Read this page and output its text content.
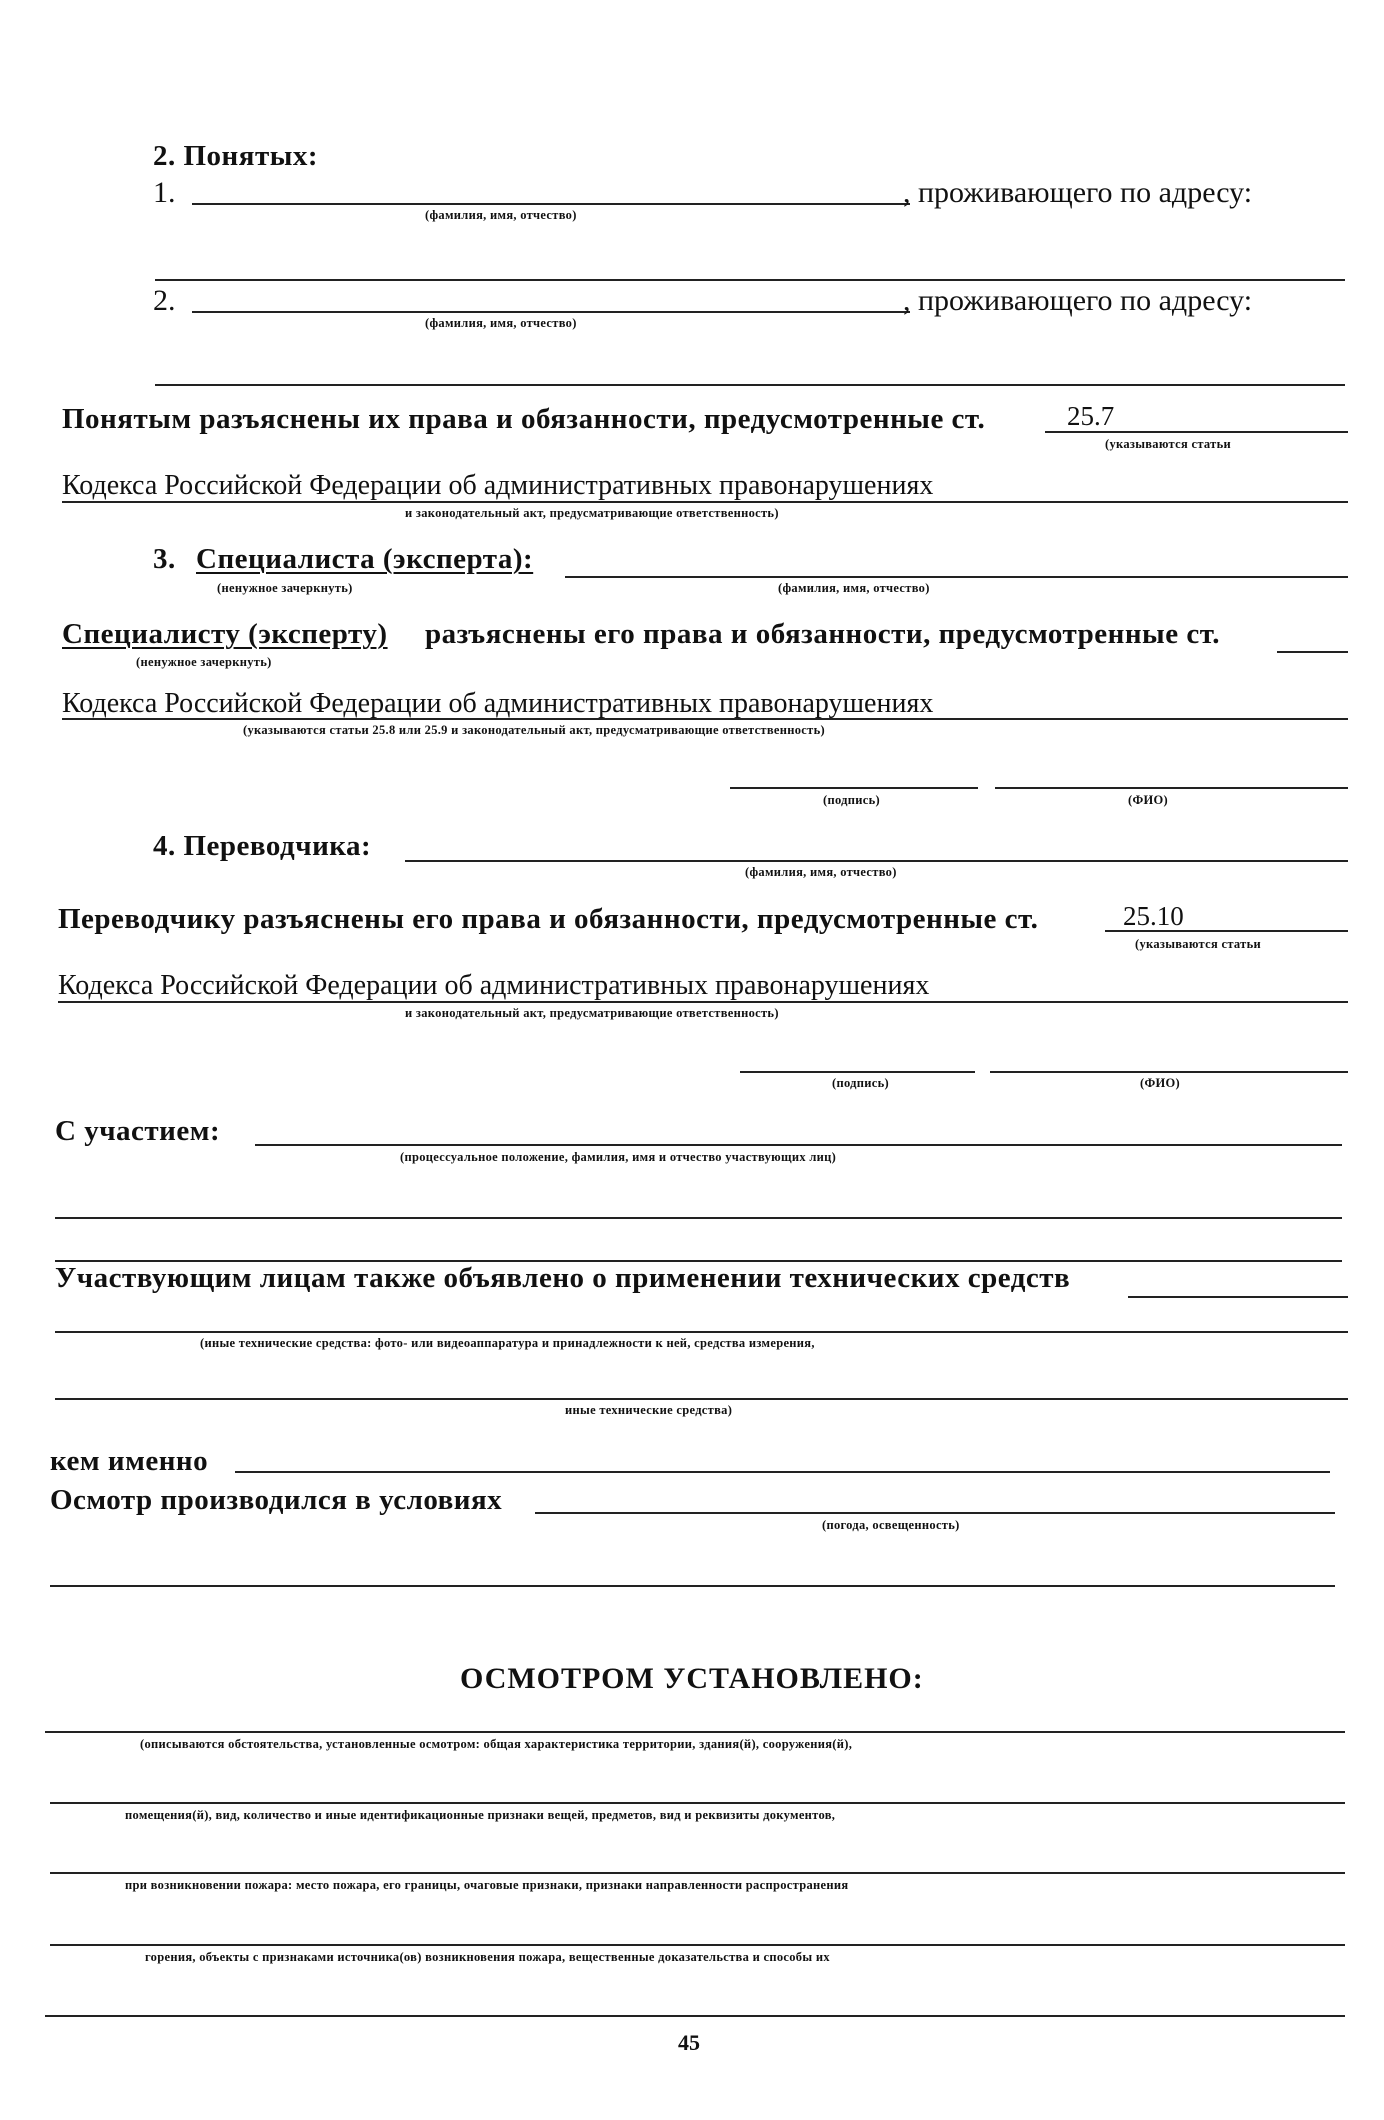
2. Понятых:
1.
(фамилия, имя, отчество)
, проживающего по адресу:
2.
(фамилия, имя, отчество)
, проживающего по адресу:
Понятым разъяснены их права и обязанности, предусмотренные ст.	25.7
(указываются статьи
Кодекса Российской Федерации об административных правонарушениях
и законодательный акт, предусматривающие ответственность)
3. Специалиста (эксперта):
(ненужное зачеркнуть)	(фамилия, имя, отчество)
Специалисту (эксперту) разъяснены его права и обязанности, предусмотренные ст.
(ненужное зачеркнуть)
Кодекса Российской Федерации об административных правонарушениях
(указываются статьи 25.8 или 25.9 и законодательный акт, предусматривающие ответственность)
(подпись)	(ФИО)
4. Переводчика:
(фамилия, имя, отчество)
Переводчику разъяснены его права и обязанности, предусмотренные ст.	25.10
(указываются статьи
Кодекса Российской Федерации об административных правонарушениях
и законодательный акт, предусматривающие ответственность)
(подпись)	(ФИО)
С участием:
(процессуальное положение, фамилия, имя и отчество участвующих лиц)
Участвующим лицам также объявлено о применении технических средств
(иные технические средства: фото- или видеоаппаратура и принадлежности к ней, средства измерения,
иные технические средства)
кем именно
Осмотр производился в условиях
(погода, освещенность)
ОСМОТРОМ УСТАНОВЛЕНО:
(описываются обстоятельства, установленные осмотром: общая характеристика территории, здания(й), сооружения(й),
помещения(й), вид, количество и иные идентификационные признаки вещей, предметов, вид и реквизиты документов,
при возникновении пожара: место пожара, его границы, очаговые признаки, признаки направленности распространения
горения, объекты с признаками источника(ов) возникновения пожара, вещественные доказательства и способы их
45
